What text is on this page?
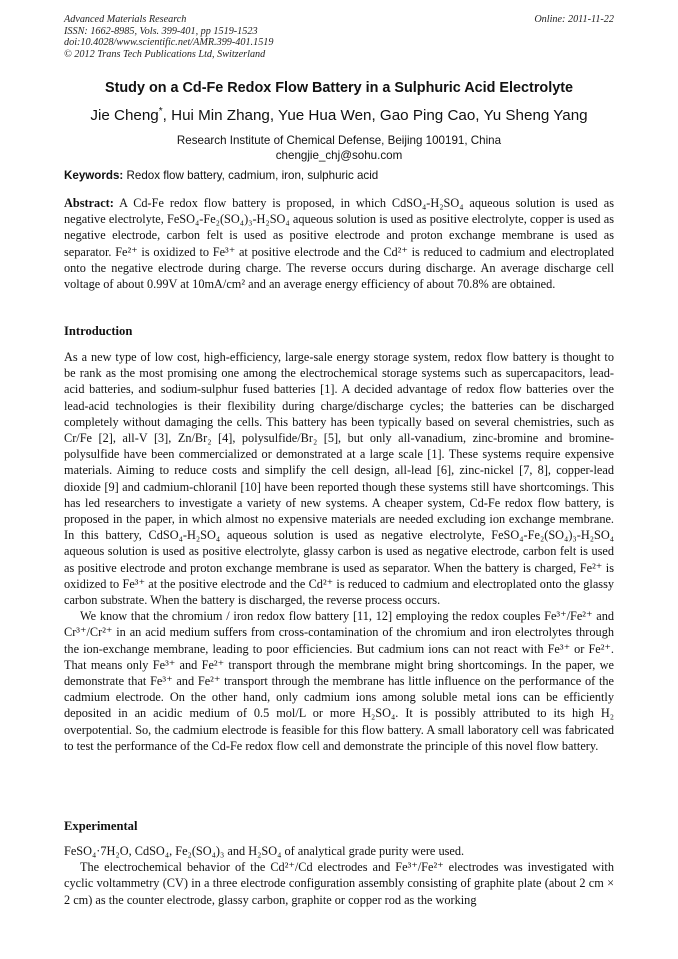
Advanced Materials Research
ISSN: 1662-8985, Vols. 399-401, pp 1519-1523
doi:10.4028/www.scientific.net/AMR.399-401.1519
© 2012 Trans Tech Publications Ltd, Switzerland
Online: 2011-11-22
Study on a Cd-Fe Redox Flow Battery in a Sulphuric Acid Electrolyte
Jie Cheng*, Hui Min Zhang, Yue Hua Wen, Gao Ping Cao, Yu Sheng Yang
Research Institute of Chemical Defense, Beijing 100191, China
chengjie_chj@sohu.com
Keywords: Redox flow battery, cadmium, iron, sulphuric acid

Abstract: A Cd-Fe redox flow battery is proposed, in which CdSO₄-H₂SO₄ aqueous solution is used as negative electrolyte, FeSO₄-Fe₂(SO₄)₃-H₂SO₄ aqueous solution is used as positive electrolyte, copper is used as negative electrode, carbon felt is used as positive electrode and proton exchange membrane is used as separator. Fe²⁺ is oxidized to Fe³⁺ at positive electrode and the Cd²⁺ is reduced to cadmium and electroplated onto the negative electrode during charge. The reverse occurs during discharge. An average discharge cell voltage of about 0.99V at 10mA/cm² and an average energy efficiency of about 70.8% are obtained.

Introduction

As a new type of low cost, high-efficiency, large-sale energy storage system, redox flow battery is thought to be rank as the most promising one among the electrochemical storage systems such as supercapacitors, lead-acid batteries, and sodium-sulphur fused batteries [1]. A decided advantage of redox flow batteries over the lead-acid technologies is their flexibility during charge/discharge cycles; the batteries can be discharged completely without damaging the cells. This battery has been typically based on several chemistries, such as Cr/Fe [2], all-V [3], Zn/Br₂ [4], polysulfide/Br₂ [5], but only all-vanadium, zinc-bromine and bromine-polysulfide have been commercialized or demonstrated at a large scale [1]. These systems require expensive materials. Aiming to reduce costs and simplify the cell design, all-lead [6], zinc-nickel [7, 8], copper-lead dioxide [9] and cadmium-chloranil [10] have been reported though these systems still have shortcomings. This has led researchers to investigate a variety of new systems. A cheaper system, Cd-Fe redox flow battery, is proposed in the paper, in which almost no expensive materials are needed excluding ion exchange membrane. In this battery, CdSO₄-H₂SO₄ aqueous solution is used as negative electrolyte, FeSO₄-Fe₂(SO₄)₃-H₂SO₄ aqueous solution is used as positive electrolyte, glassy carbon is used as negative electrode, carbon felt is used as positive electrode and proton exchange membrane is used as separator. When the battery is charged, Fe²⁺ is oxidized to Fe³⁺ at the positive electrode and the Cd²⁺ is reduced to cadmium and electroplated onto the glassy carbon substrate. When the battery is discharged, the reverse process occurs.

We know that the chromium / iron redox flow battery [11, 12] employing the redox couples Fe³⁺/Fe²⁺ and Cr³⁺/Cr²⁺ in an acid medium suffers from cross-contamination of the chromium and iron electrolytes through the ion-exchange membrane, leading to poor efficiencies. But cadmium ions can not react with Fe³⁺ or Fe²⁺. That means only Fe³⁺ and Fe²⁺ transport through the membrane might bring shortcomings. In the paper, we demonstrate that Fe³⁺ and Fe²⁺ transport through the membrane has little influence on the performance of the cadmium electrode. On the other hand, only cadmium ions among soluble metal ions can be efficiently deposited in an acidic medium of 0.5 mol/L or more H₂SO₄. It is possibly attributed to its high H₂ overpotential. So, the cadmium electrode is feasible for this flow battery. A small laboratory cell was fabricated to test the performance of the Cd-Fe redox flow cell and demonstrate the principle of this novel flow battery.

Experimental

FeSO₄·7H₂O, CdSO₄, Fe₂(SO₄)₃ and H₂SO₄ of analytical grade purity were used.

The electrochemical behavior of the Cd²⁺/Cd electrodes and Fe³⁺/Fe²⁺ electrodes was investigated with cyclic voltammetry (CV) in a three electrode configuration assembly consisting of graphite plate (about 2 cm × 2 cm) as the counter electrode, glassy carbon, graphite or copper rod as the working
